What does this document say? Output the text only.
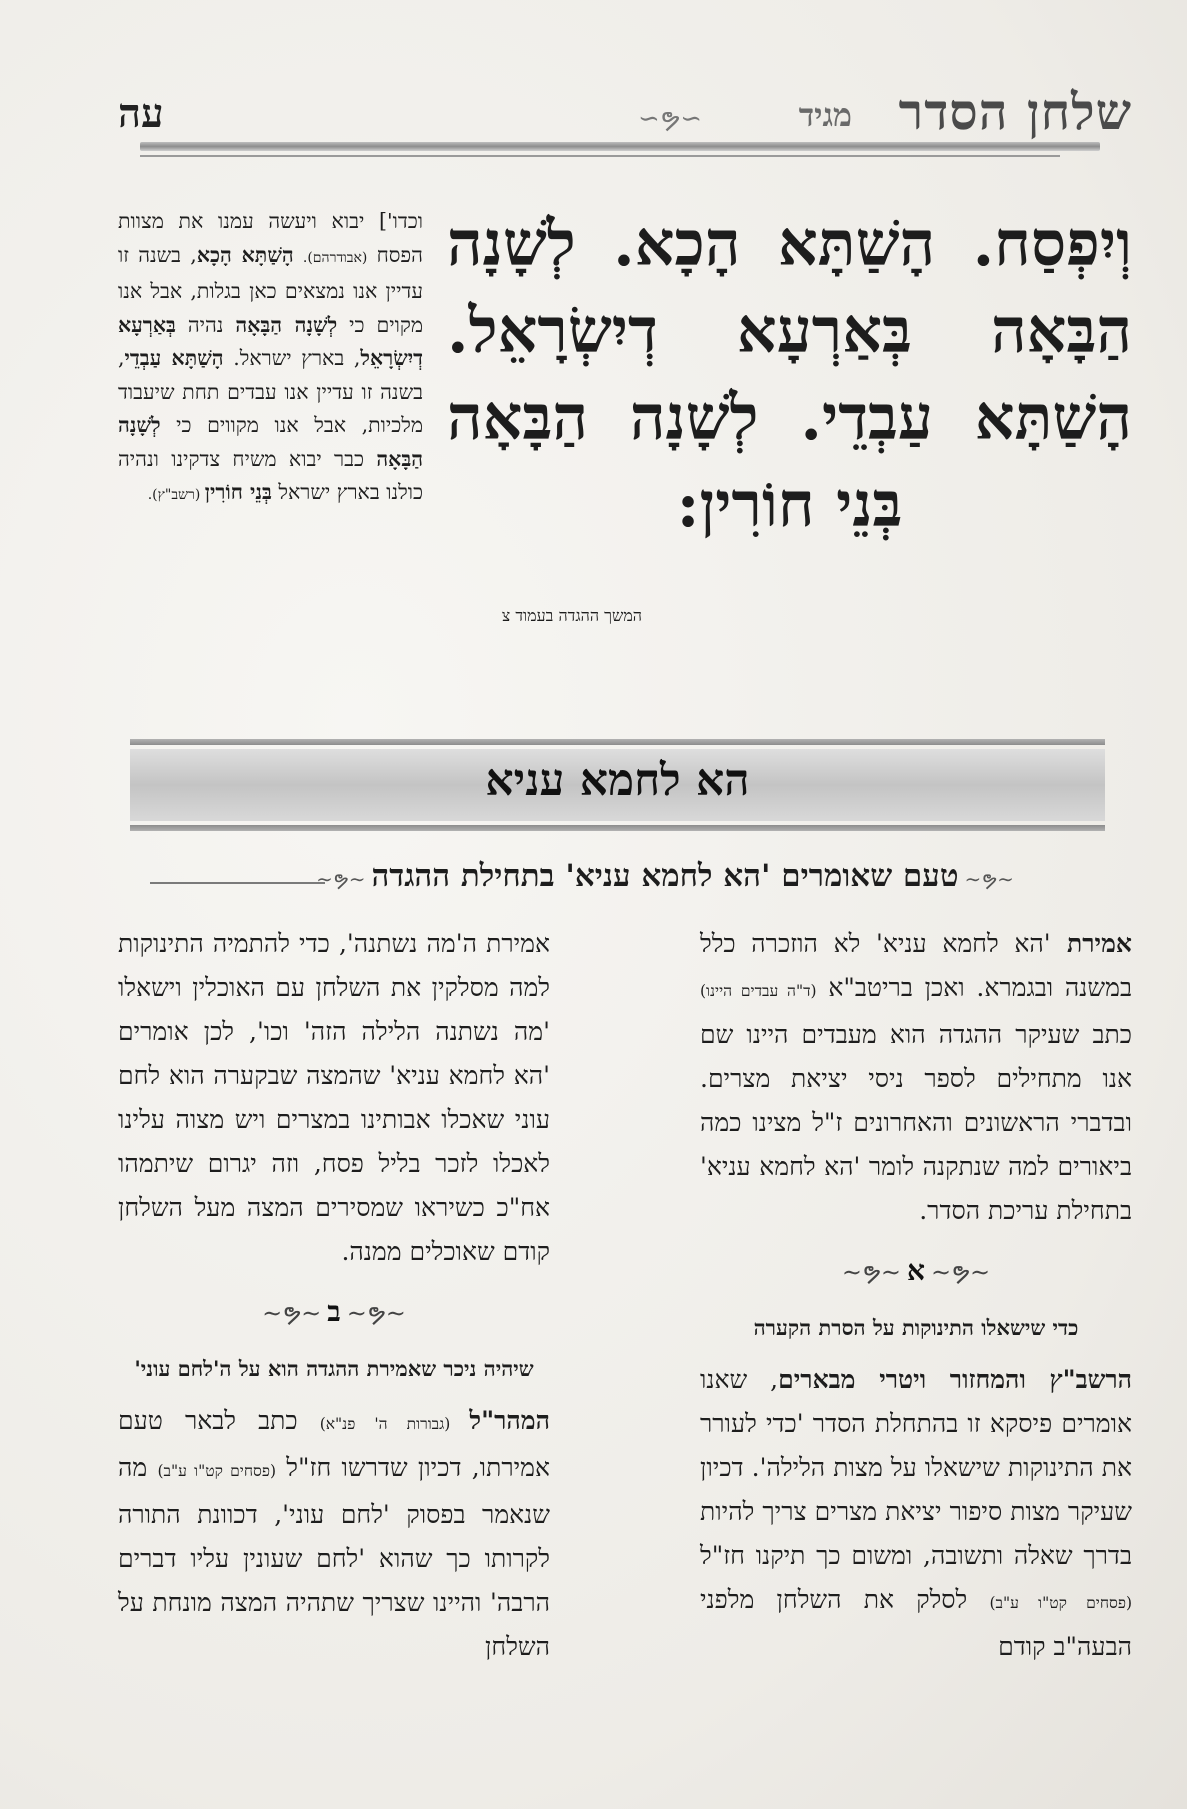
שלחן הסדר
∽ຯ∽	מגיד
עה
וְיִפְסַח. הָשַׁתָּא הָכָא. לְשָׁנָה הַבָּאָה בְּאַרְעָא דְיִשְׂרָאֵל. הָשַׁתָּא עַבְדֵי. לְשָׁנָה הַבָּאָה בְּנֵי חוֹרִין:
המשך ההגדה בעמוד צ
וכדו'] יבוא ויעשה עמנו את מצוות הפסח (אבודרהם). הָשַׁתָּא הָכָא, בשנה זו עדיין אנו נמצאים כאן בגלות, אבל אנו מקוים כי לְשָׁנָה הַבָּאָה נהיה בְּאַרְעָא דְיִשְׂרָאֵל, בארץ ישראל. הָשַׁתָּא עַבְדֵי, בשנה זו עדיין אנו עבדים תחת שיעבוד מלכיות, אבל אנו מקווים כי לְשָׁנָה הַבָּאָה כבר יבוא משיח צדקינו ונהיה כולנו בארץ ישראל בְּנֵי חוֹרִין (רשב"ץ).
הא לחמא עניא
∽ຯ∽טעם שאומרים 'הא לחמא עניא' בתחילת ההגדה∽ຯ∽

אמירת 'הא לחמא עניא' לא הוזכרה כלל במשנה ובגמרא. ואכן בריטב"א (ד"ה עבדים היינו) כתב שעיקר ההגדה הוא מעבדים היינו שם אנו מתחילים לספר ניסי יציאת מצרים. ובדברי הראשונים והאחרונים ז"ל מצינו כמה ביאורים למה שנתקנה לומר 'הא לחמא עניא' בתחילת עריכת הסדר.

∽ຯ∽א∽ຯ∽
כדי שישאלו התינוקות על הסרת הקערה

הרשב"ץ והמחזור ויטרי מבארים, שאנו אומרים פיסקא זו בהתחלת הסדר 'כדי לעורר את התינוקות שישאלו על מצות הלילה'. דכיון שעיקר מצות סיפור יציאת מצרים צריך להיות בדרך שאלה ותשובה, ומשום כך תיקנו חז"ל (פסחים קט"ו ע"ב) לסלק את השלחן מלפני הבעה"ב קודם

אמירת ה'מה נשתנה', כדי להתמיה התינוקות למה מסלקין את השלחן עם האוכלין וישאלו 'מה נשתנה הלילה הזה' וכו', לכן אומרים 'הא לחמא עניא' שהמצה שבקערה הוא לחם עוני שאכלו אבותינו במצרים ויש מצוה עלינו לאכלו לזכר בליל פסח, וזה יגרום שיתמהו אח"כ כשיראו שמסירים המצה מעל השלחן קודם שאוכלים ממנה.

∽ຯ∽ב∽ຯ∽
שיהיה ניכר שאמירת ההגדה הוא על ה'לחם עוני'

המהר"ל (גבורות ה' פנ"א) כתב לבאר טעם אמירתו, דכיון שדרשו חז"ל (פסחים קט"ו ע"ב) מה שנאמר בפסוק 'לחם עוני', דכוונת התורה לקרותו כך שהוא 'לחם שעונין עליו דברים הרבה' והיינו שצריך שתהיה המצה מונחת על השלחן
